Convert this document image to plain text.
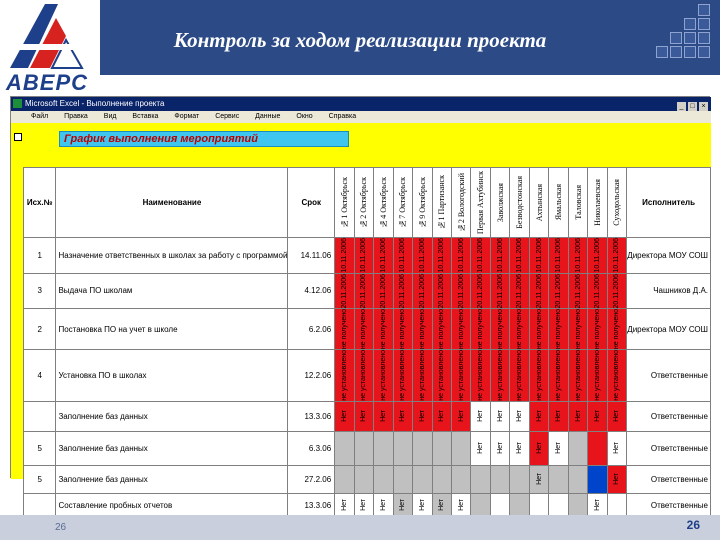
Контроль за ходом реализации проекта
АВЕРС
Microsoft Excel - Выполнение проекта	_ □ ×
Файл Правка Вид Вставка Формат Сервис Данные Окно Справка
График выполнения мероприятий
Исх.№	Наименование	Срок	№1 Октябрьск	№2 Октябрьск	№4 Октябрьск	№7 Октябрьск	№9 Октябрьск	№1 Партизанск	№2 Вологодский	Первая Ахтубинск	Заволжская	Безводстонская	Ахтынская	Ямальская	Таловская	Николаевская	Суходольская	Исполнитель
1	Назначение ответственных в школах за работу с программой	14.11.06	10.11.2006	10.11.2006	10.11.2006	10.11.2006	10.11.2006	10.11.2006	10.11.2006	10.11.2006	10.11.2006	10.11.2006	10.11.2006	10.11.2006	10.11.2006	10.11.2006	10.11.2006	Директора МОУ СОШ
3	Выдача ПО школам	4.12.06	20.11.2006	20.11.2006	20.11.2006	20.11.2006	20.11.2006	20.11.2006	20.11.2006	20.11.2006	20.11.2006	20.11.2006	20.11.2006	20.11.2006	20.11.2006	20.11.2006	20.11.2006	Чашников Д.А.
2	Постановка ПО на учет в школе	6.2.06	не получено	не получено	не получено	не получено	не получено	не получено	не получено	не получено	не получено	не получено	не получено	не получено	не получено	не получено	не получено	Директора МОУ СОШ
4	Установка ПО в школах	12.2.06	не установлено	не установлено	не установлено	не установлено	не установлено	не установлено	не установлено	не установлено	не установлено	не установлено	не установлено	не установлено	не установлено	не установлено	не установлено	Ответственные
	Заполнение баз данных	13.3.06	Нет	Нет	Нет	Нет	Нет	Нет	Нет	Нет	Нет	Нет	Нет	Нет	Нет	Нет	Нет	Ответственные
5	Заполнение баз данных	6.3.06								Нет	Нет	Нет	Нет	Нет			Нет	Ответственные
5	Заполнение баз данных	27.2.06											Нет				Нет	Ответственные
	Составление пробных отчетов	13.3.06	Нет	Нет	Нет	Нет	Нет	Нет	Нет							Нет		Ответственные
26	26
